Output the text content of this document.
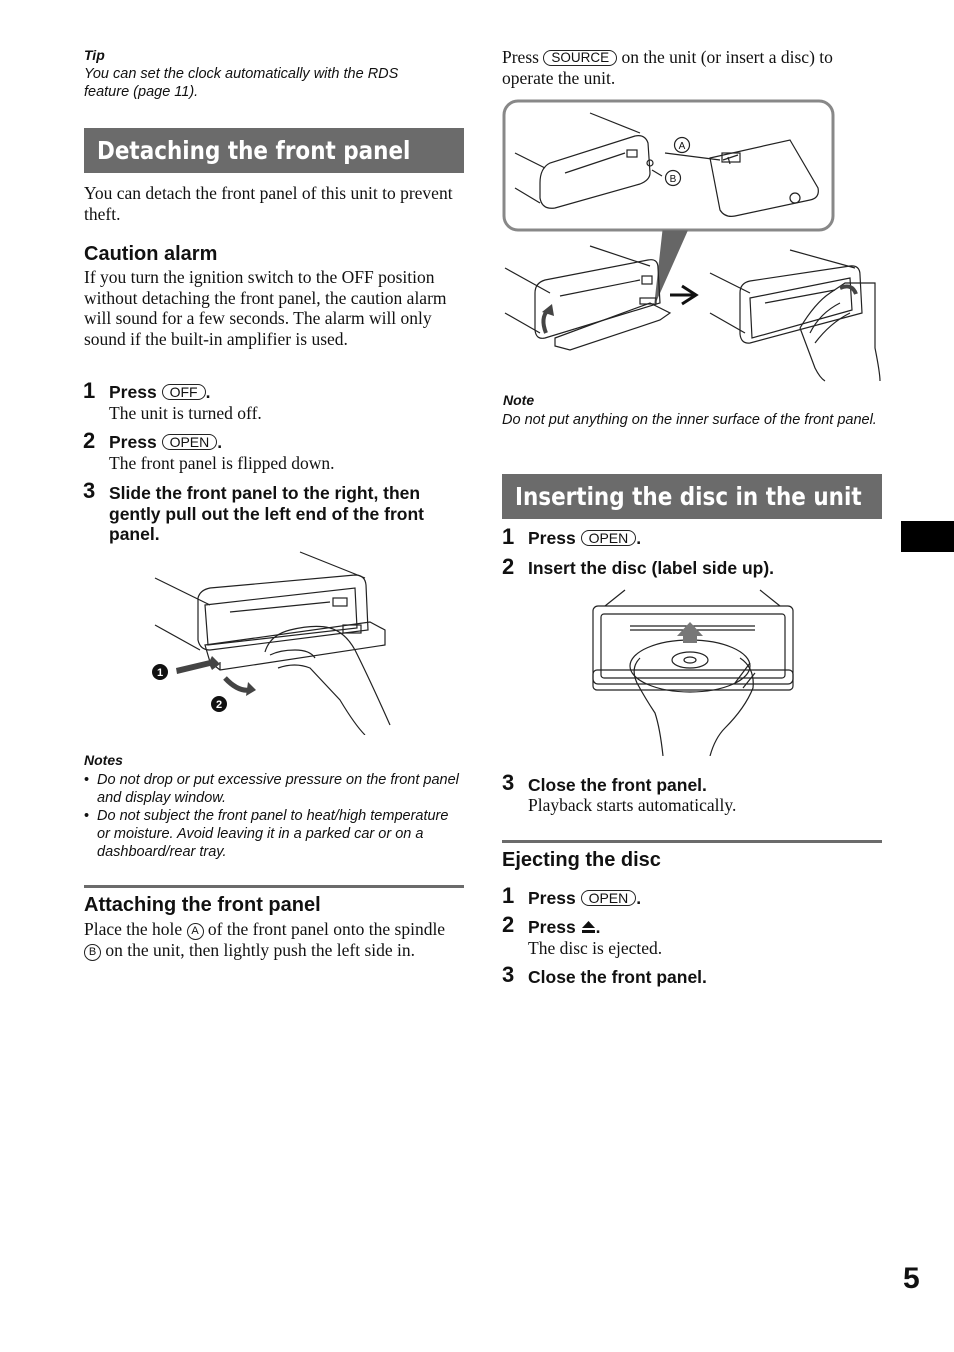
Tip
You can set the clock automatically with the RDS feature (page 11).
Detaching the front panel
You can detach the front panel of this unit to prevent theft.
Caution alarm
If you turn the ignition switch to the OFF position without detaching the front panel, the caution alarm will sound for a few seconds. The alarm will only sound if the built-in amplifier is used.
1 Press OFF .
The unit is turned off.
2 Press OPEN .
The front panel is flipped down.
3 Slide the front panel to the right, then gently pull out the left end of the front panel.
1
2
Notes
• Do not drop or put excessive pressure on the front panel and display window.
• Do not subject the front panel to heat/high temperature or moisture. Avoid leaving it in a parked car or on a dashboard/rear tray.
Attaching the front panel
Place the hole A of the front panel onto the spindle B on the unit, then lightly push the left side in.
Press SOURCE on the unit (or insert a disc) to operate the unit.
A
B
Note
Do not put anything on the inner surface of the front panel.
Inserting the disc in the unit
1 Press OPEN .
2 Insert the disc (label side up).
3 Close the front panel.
Playback starts automatically.
Ejecting the disc
1 Press OPEN .
2 Press .
The disc is ejected.
3 Close the front panel.
5
